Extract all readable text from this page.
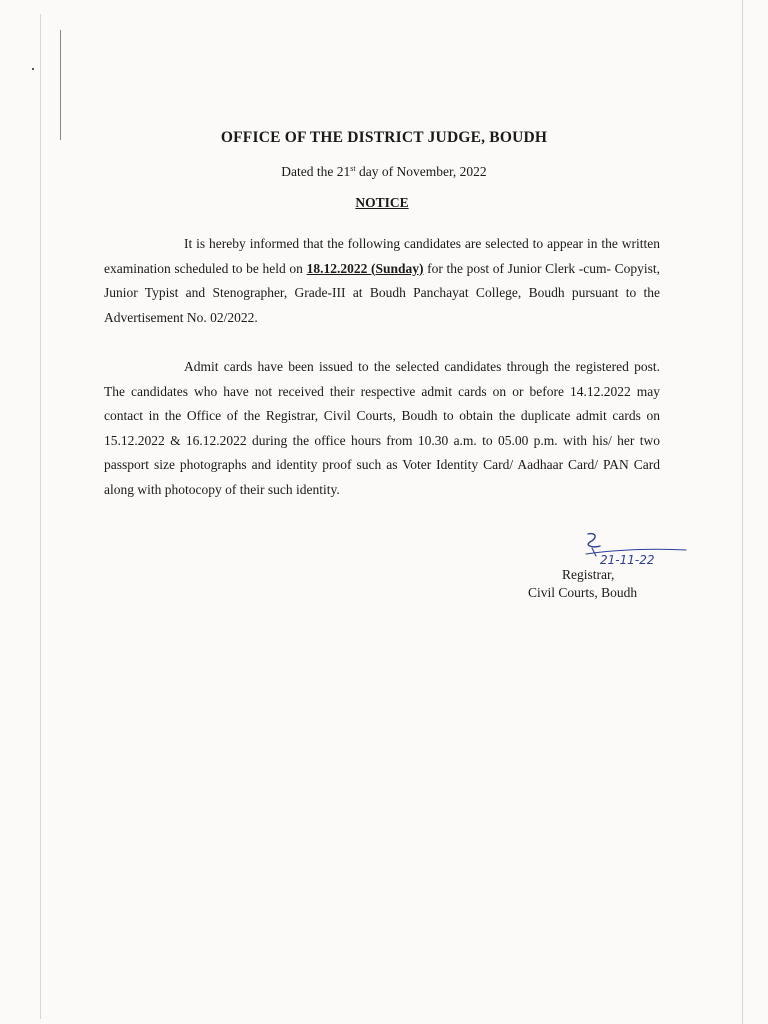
OFFICE OF THE DISTRICT JUDGE, BOUDH
Dated the 21st day of November, 2022
NOTICE
It is hereby informed that the following candidates are selected to appear in the written examination scheduled to be held on 18.12.2022 (Sunday) for the post of Junior Clerk -cum- Copyist, Junior Typist and Stenographer, Grade-III at Boudh Panchayat College, Boudh pursuant to the Advertisement No. 02/2022.
Admit cards have been issued to the selected candidates through the registered post. The candidates who have not received their respective admit cards on or before 14.12.2022 may contact in the Office of the Registrar, Civil Courts, Boudh to obtain the duplicate admit cards on 15.12.2022 & 16.12.2022 during the office hours from 10.30 a.m. to 05.00 p.m. with his/ her two passport size photographs and identity proof such as Voter Identity Card/ Aadhaar Card/ PAN Card along with photocopy of their such identity.
21-11-22
Registrar,
Civil Courts, Boudh
